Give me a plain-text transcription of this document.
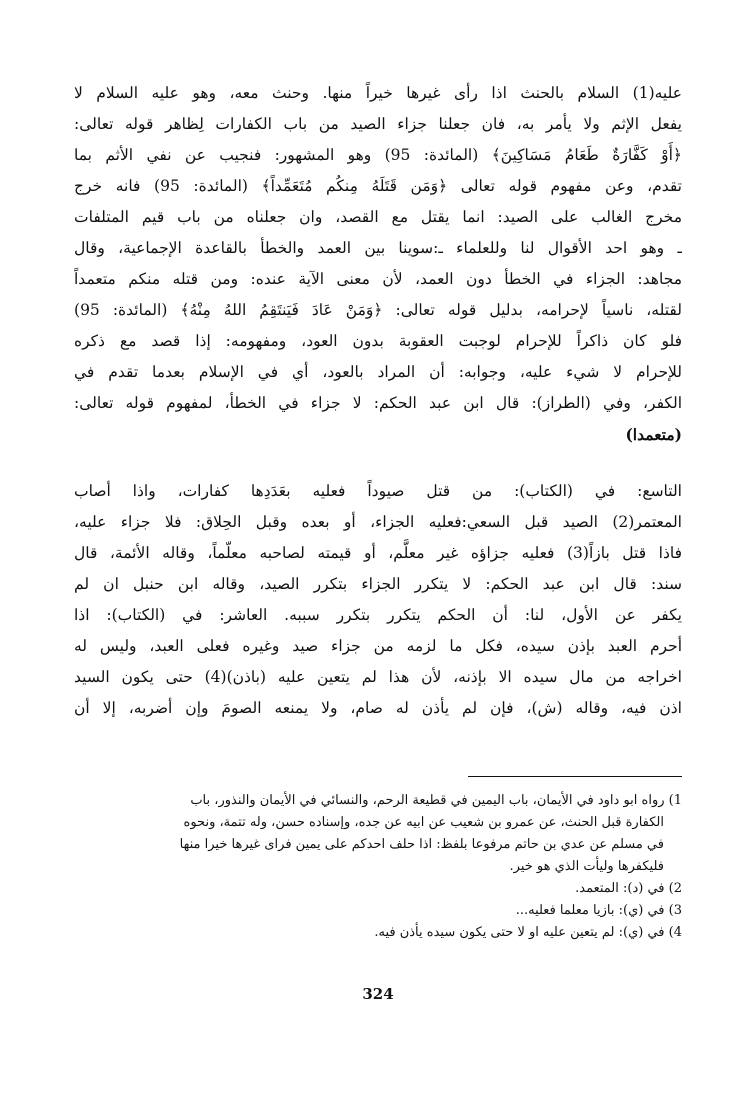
عليه(1) السلام بالحنث اذا رأى غيرها خيراً منها. وحنث معه، وهو عليه السلام لا
يفعل الإثم ولا يأمر به، فان جعلنا جزاء الصيد من باب الكفارات لِظاهر قوله تعالى:
﴿أَوْ كَفَّارَةٌ طَعَامُ مَسَاكِينَ﴾ (المائدة: 95) وهو المشهور: فنجيب عن نفي الأثم بما
تقدم، وعن مفهوم قوله تعالى ﴿وَمَن قَتَلَهُ مِنكُم مُتَعَمِّداً﴾ (المائدة: 95) فانه خرج
مخرج الغالب على الصيد: انما يقتل مع القصد، وان جعلناه من باب قيم المتلفات
ـ وهو احد الأقوال لنا وللعلماء ـ:سوينا بين العمد والخطأ بالقاعدة الإجماعية، وقال
مجاهد: الجزاء في الخطأ دون العمد، لأن معنى الآية عنده: ومن قتله منكم متعمداً
لقتله، ناسياً لإحرامه، بدليل قوله تعالى: ﴿وَمَنْ عَادَ فَيَنتَقِمُ اللهُ مِنْهُ﴾ (المائدة: 95)
فلو كان ذاكراً للإحرام لوجبت العقوبة بدون العود، ومفهومه: إذا قصد مع ذكره
للإحرام لا شيء عليه، وجوابه: أن المراد بالعود، أي في الإسلام بعدما تقدم في
الكفر، وفي (الطراز): قال ابن عبد الحكم: لا جزاء في الخطأ، لمفهوم قوله تعالى:
(متعمدا)
التاسع: في (الكتاب): من قتل صيوداً فعليه بعَدَدِها كفارات، واذا أصاب
المعتمر(2) الصيد قبل السعي:فعليه الجزاء، أو بعده وقبل الحِلاق: فلا جزاء عليه،
فاذا قتل بازاً(3) فعليه جزاؤه غير معلَّم، أو قيمته لصاحبه معلّماً، وقاله الأئمة، قال
سند: قال ابن عبد الحكم: لا يتكرر الجزاء بتكرر الصيد، وقاله ابن حنبل ان لم
يكفر عن الأول، لنا: أن الحكم يتكرر بتكرر سببه. العاشر: في (الكتاب): اذا
أحرم العبد بإذن سيده، فكل ما لزمه من جزاء صيد وغيره فعلى العبد، وليس له
اخراجه من مال سيده الا بإذنه، لأن هذا لم يتعين عليه (باذن)(4) حتى يكون السيد
اذن فيه، وقاله (ش)، فإن لم يأذن له صام، ولا يمنعه الصومَ وإن أضربه، إلا أن
1) رواه ابو داود في الأيمان، باب اليمين في قطيعة الرحم، والنسائي في الأيمان والنذور، باب
الكفارة قبل الحنث، عن عمرو بن شعيب عن ابيه عن جده، وإسناده حسن، وله تتمة، ونحوه
في مسلم عن عدي بن حاتم مرفوعا بلفظ: اذا حلف احدكم على يمين فراى غيرها خيرا منها
فليكفرها وليأت الذي هو خير.
2) في (د): المتعمد.
3) في (ي): بازيا معلما فعليه...
4) في (ي): لم يتعين عليه او لا حتى يكون سيده يأذن فيه.
324
